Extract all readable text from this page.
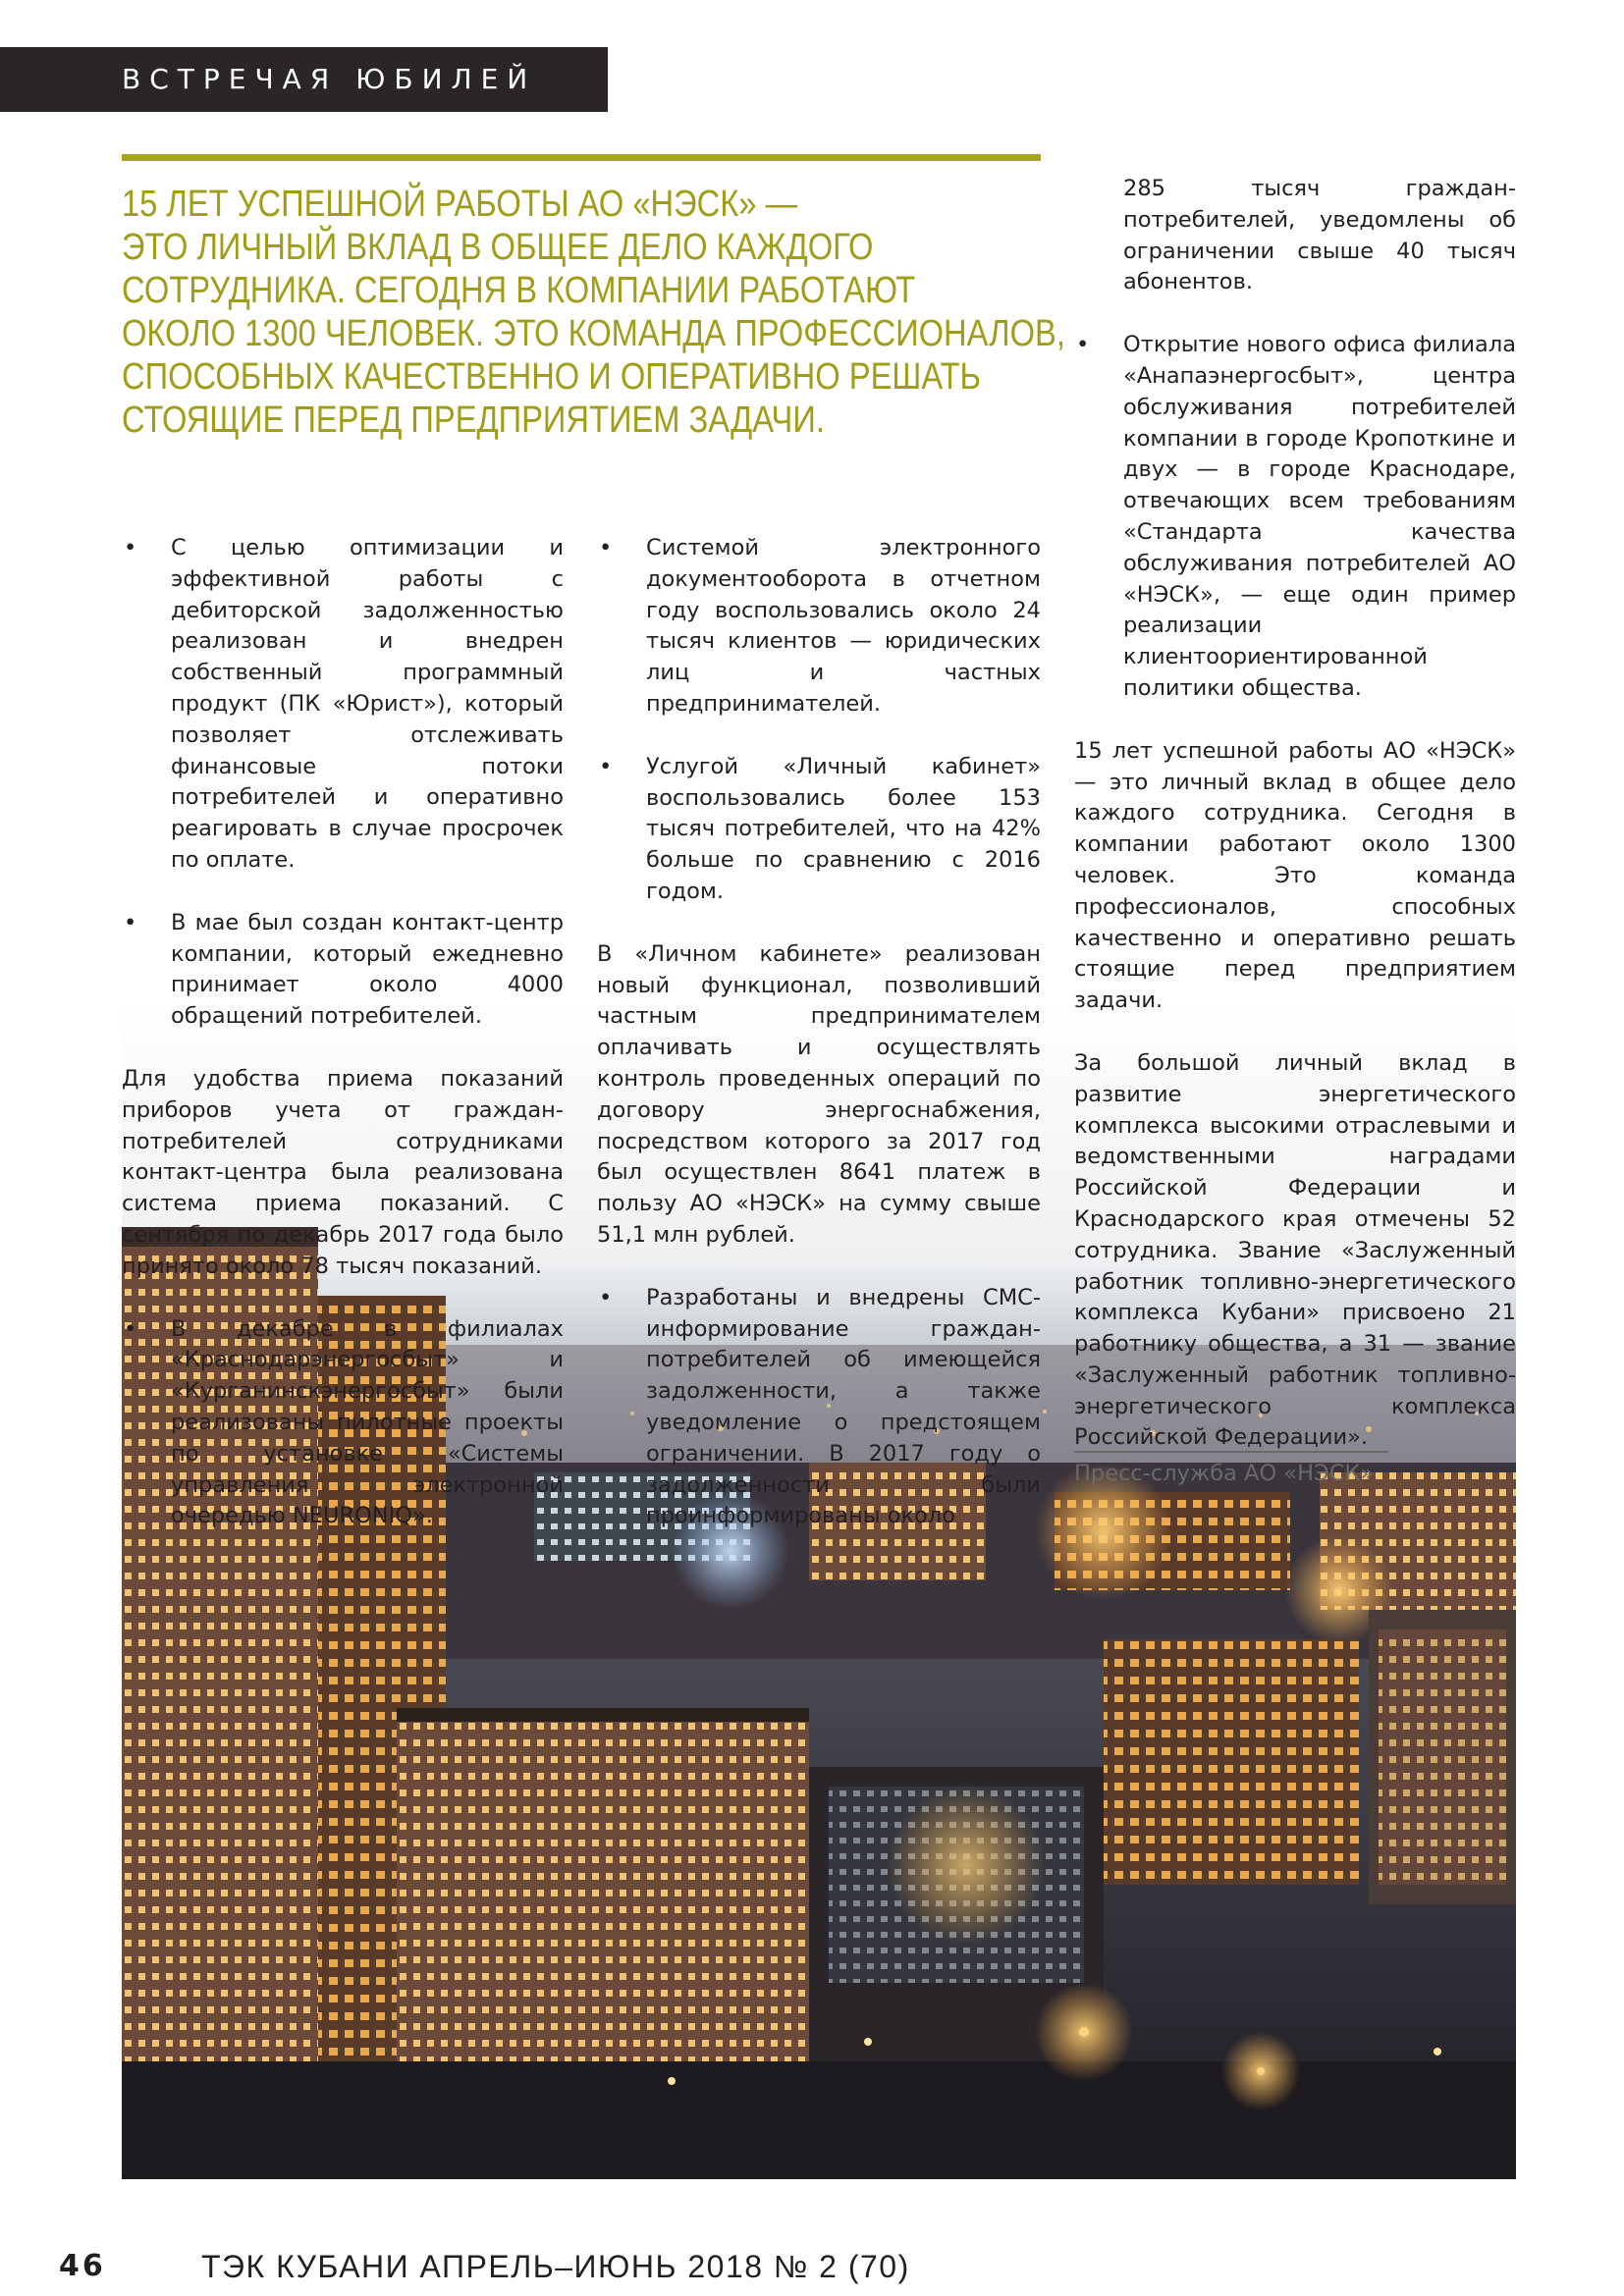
ВСТРЕЧАЯ ЮБИЛЕЙ
15 ЛЕТ УСПЕШНОЙ РАБОТЫ АО «НЭСК» —
ЭТО ЛИЧНЫЙ ВКЛАД В ОБЩЕЕ ДЕЛО КАЖДОГО
СОТРУДНИКА. СЕГОДНЯ В КОМПАНИИ РАБОТАЮТ
ОКОЛО 1300 ЧЕЛОВЕК. ЭТО КОМАНДА ПРОФЕССИОНАЛОВ,
СПОСОБНЫХ КАЧЕСТВЕННО И ОПЕРАТИВНО РЕШАТЬ
СТОЯЩИЕ ПЕРЕД ПРЕДПРИЯТИЕМ ЗАДАЧИ.
• С целью оптимизации и эффективной работы с дебиторской задолженностью реализован и внедрен собственный программный продукт (ПК «Юрист»), который позволяет отслеживать финансовые потоки потребителей и оперативно реагировать в случае просрочек по оплате.

• В мае был создан контакт-центр компании, который ежедневно принимает около 4000 обращений потребителей.

Для удобства приема показаний приборов учета от граждан-потребителей сотрудниками контакт-центра была реализована система приема показаний. С сентября по декабрь 2017 года было принято около 78 тысяч показаний.

• В декабре в филиалах «Краснодарэнергосбыт» и «Курганинскэнергосбыт» были реализованы пилотные проекты по установке «Системы управления электронной очередью NEURONIQ».

• Системой электронного документооборота в отчетном году воспользовались около 24 тысяч клиентов — юридических лиц и частных предпринимателей.

• Услугой «Личный кабинет» воспользовались более 153 тысяч потребителей, что на 42% больше по сравнению с 2016 годом.

В «Личном кабинете» реализован новый функционал, позволивший частным предпринимателем оплачивать и осуществлять контроль проведенных операций по договору энергоснабжения, посредством которого за 2017 год был осуществлен 8641 платеж в пользу АО «НЭСК» на сумму свыше 51,1 млн рублей.

• Разработаны и внедрены СМС-информирование граждан-потребителей об имеющейся задолженности, а также уведомление о предстоящем ограничении. В 2017 году о задолженности были проинформированы около

285 тысяч граждан-потребителей, уведомлены об ограничении свыше 40 тысяч абонентов.

• Открытие нового офиса филиала «Анапаэнергосбыт», центра обслуживания потребителей компании в городе Кропоткине и двух — в городе Краснодаре, отвечающих всем требованиям «Стандарта качества обслуживания потребителей АО «НЭСК», — еще один пример реализации клиентоориентированной политики общества.

15 лет успешной работы АО «НЭСК» — это личный вклад в общее дело каждого сотрудника. Сегодня в компании работают около 1300 человек. Это команда профессионалов, способных качественно и оперативно решать стоящие перед предприятием задачи.

За большой личный вклад в развитие энергетического комплекса высокими отраслевыми и ведомственными наградами Российской Федерации и Краснодарского края отмечены 52 сотрудника. Звание «Заслуженный работник топливно-энергетического комплекса Кубани» присвоено 21 работнику общества, а 31 — звание «Заслуженный работник топливно-энергетического комплекса Российской Федерации».

Пресс-служба АО «НЭСК»
46	ТЭК КУБАНИ АПРЕЛЬ–ИЮНЬ 2018 № 2 (70)
